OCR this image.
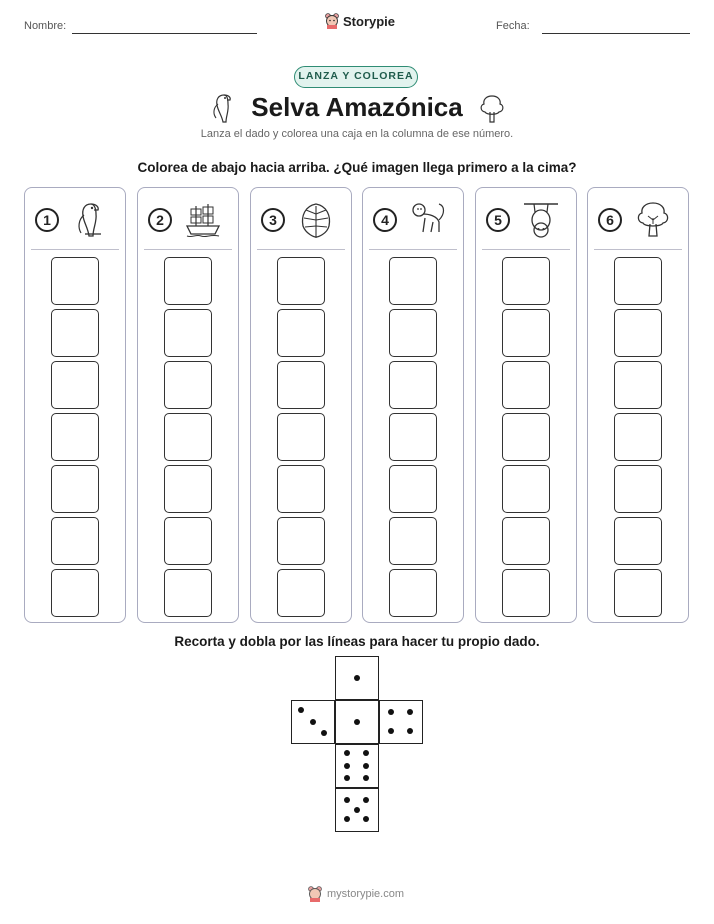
Nombre:	Storypie	Fecha:
LANZA Y COLOREA
Selva Amazónica
Lanza el dado y colorea una caja en la columna de ese número.
Colorea de abajo hacia arriba. ¿Qué imagen llega primero a la cima?
1	2	3	4	5	6
Recorta y dobla por las líneas para hacer tu propio dado.
mystorypie.com
